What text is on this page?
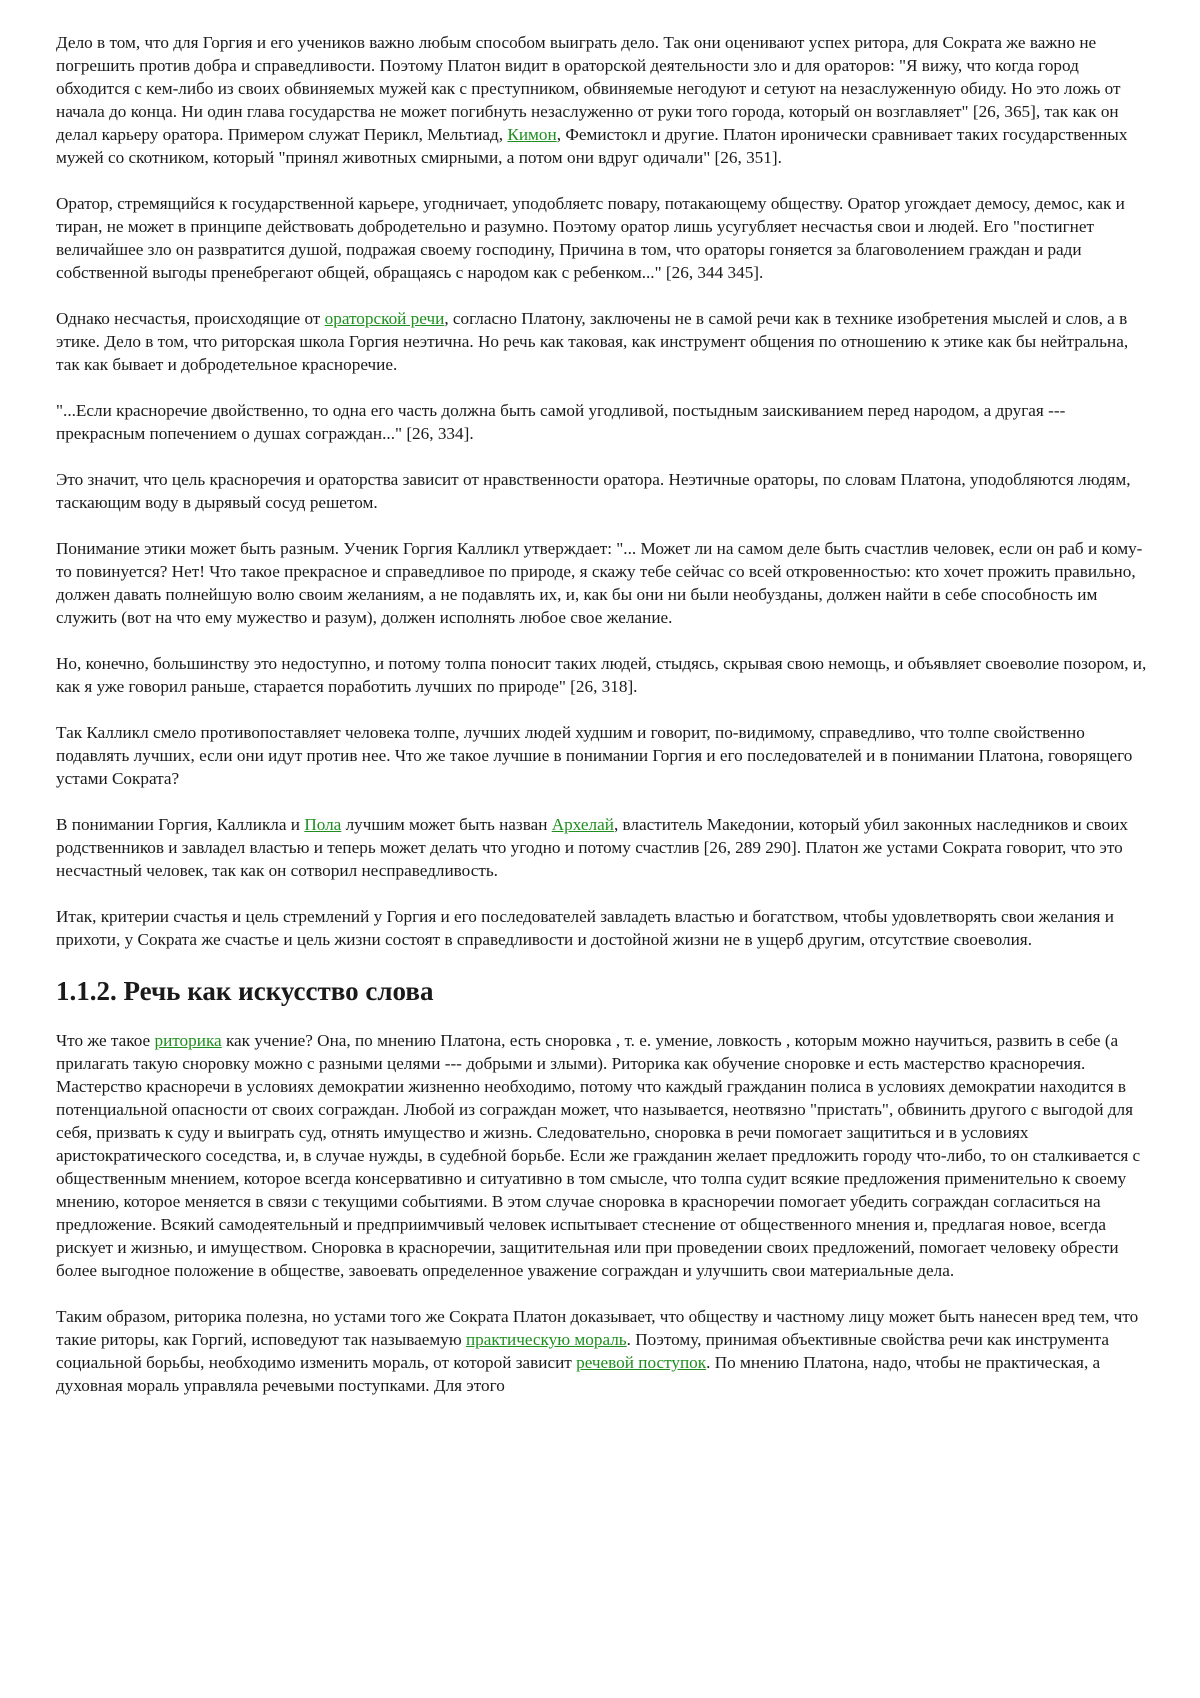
Дело в том, что для Горгия и его учеников важно любым способом выиграть дело. Так они оценивают успех ритора, для Сократа же важно не погрешить против добра и справедливости. Поэтому Платон видит в ораторской деятельности зло и для ораторов: "Я вижу, что когда город обходится с кем-либо из своих обвиняемых мужей как с преступником, обвиняемые негодуют и сетуют на незаслуженную обиду. Но это ложь от начала до конца. Ни один глава государства не может погибнуть незаслуженно от руки того города, который он возглавляет" [26, 365], так как он делал карьеру оратора. Примером служат Перикл, Мельтиад, Кимон, Фемистокл и другие. Платон иронически сравнивает таких государственных мужей со скотником, который "принял животных смирными, а потом они вдруг одичали" [26, 351].

Оратор, стремящийся к государственной карьере, угодничает, уподобляетс повару, потакающему обществу. Оратор угождает демосу, демос, как и тиран, не может в принципе действовать добродетельно и разумно. Поэтому оратор лишь усугубляет несчастья свои и людей. Его "постигнет величайшее зло он развратится душой, подражая своему господину, Причина в том, что ораторы гоняется за благоволением граждан и ради собственной выгоды пренебрегают общей, обращаясь с народом как с ребенком..." [26, 344 345].

Однако несчастья, происходящие от ораторской речи, согласно Платону, заключены не в самой речи как в технике изобретения мыслей и слов, а в этике. Дело в том, что риторская школа Горгия неэтична. Но речь как таковая, как инструмент общения по отношению к этике как бы нейтральна, так как бывает и добродетельное красноречие.

"...Если красноречие двойственно, то одна его часть должна быть самой угодливой, постыдным заискиванием перед народом, а другая --- прекрасным попечением о душах сограждан..." [26, 334].

Это значит, что цель красноречия и ораторства зависит от нравственности оратора. Неэтичные ораторы, по словам Платона, уподобляются людям, таскающим воду в дырявый сосуд решетом.

Понимание этики может быть разным. Ученик Горгия Калликл утверждает: "... Может ли на самом деле быть счастлив человек, если он раб и кому-то повинуется? Нет! Что такое прекрасное и справедливое по природе, я скажу тебе сейчас со всей откровенностью: кто хочет прожить правильно, должен давать полнейшую волю своим желаниям, а не подавлять их, и, как бы они ни были необузданы, должен найти в себе способность им служить (вот на что ему мужество и разум), должен исполнять любое свое желание.

Но, конечно, большинству это недоступно, и потому толпа поносит таких людей, стыдясь, скрывая свою немощь, и объявляет своеволие позором, и, как я уже говорил раньше, старается поработить лучших по природе" [26, 318].

Так Калликл смело противопоставляет человека толпе, лучших людей худшим и говорит, по-видимому, справедливо, что толпе свойственно подавлять лучших, если они идут против нее. Что же такое лучшие в понимании Горгия и его последователей и в понимании Платона, говорящего устами Сократа?

В понимании Горгия, Калликла и Пола лучшим может быть назван Архелай, властитель Македонии, который убил законных наследников и своих родственников и завладел властью и теперь может делать что угодно и потому счастлив [26, 289 290]. Платон же устами Сократа говорит, что это несчастный человек, так как он сотворил несправедливость.

Итак, критерии счастья и цель стремлений у Горгия и его последователей завладеть властью и богатством, чтобы удовлетворять свои желания и прихоти, у Сократа же счастье и цель жизни состоят в справедливости и достойной жизни не в ущерб другим, отсутствие своеволия.

1.1.2. Речь как искусство слова

Что же такое риторика как учение? Она, по мнению Платона, есть сноровка , т. е. умение, ловкость , которым можно научиться, развить в себе (а прилагать такую сноровку можно с разными целями --- добрыми и злыми). Риторика как обучение сноровке и есть мастерство красноречия. Мастерство красноречи в условиях демократии жизненно необходимо, потому что каждый гражданин полиса в условиях демократии находится в потенциальной опасности от своих сограждан. Любой из сограждан может, что называется, неотвязно "пристать", обвинить другого с выгодой для себя, призвать к суду и выиграть суд, отнять имущество и жизнь. Следовательно, сноровка в речи помогает защититься и в условиях аристократического соседства, и, в случае нужды, в судебной борьбе. Если же гражданин желает предложить городу что-либо, то он сталкивается с общественным мнением, которое всегда консервативно и ситуативно в том смысле, что толпа судит всякие предложения применительно к своему мнению, которое меняется в связи с текущими событиями. В этом случае сноровка в красноречии помогает убедить сограждан согласиться на предложение. Всякий самодеятельный и предприимчивый человек испытывает стеснение от общественного мнения и, предлагая новое, всегда рискует и жизнью, и имуществом. Сноровка в красноречии, защитительная или при проведении своих предложений, помогает человеку обрести более выгодное положение в обществе, завоевать определенное уважение сограждан и улучшить свои материальные дела.

Таким образом, риторика полезна, но устами того же Сократа Платон доказывает, что обществу и частному лицу может быть нанесен вред тем, что такие риторы, как Горгий, исповедуют так называемую практическую мораль. Поэтому, принимая объективные свойства речи как инструмента социальной борьбы, необходимо изменить мораль, от которой зависит речевой поступок. По мнению Платона, надо, чтобы не практическая, а духовная мораль управляла речевыми поступками. Для этого
